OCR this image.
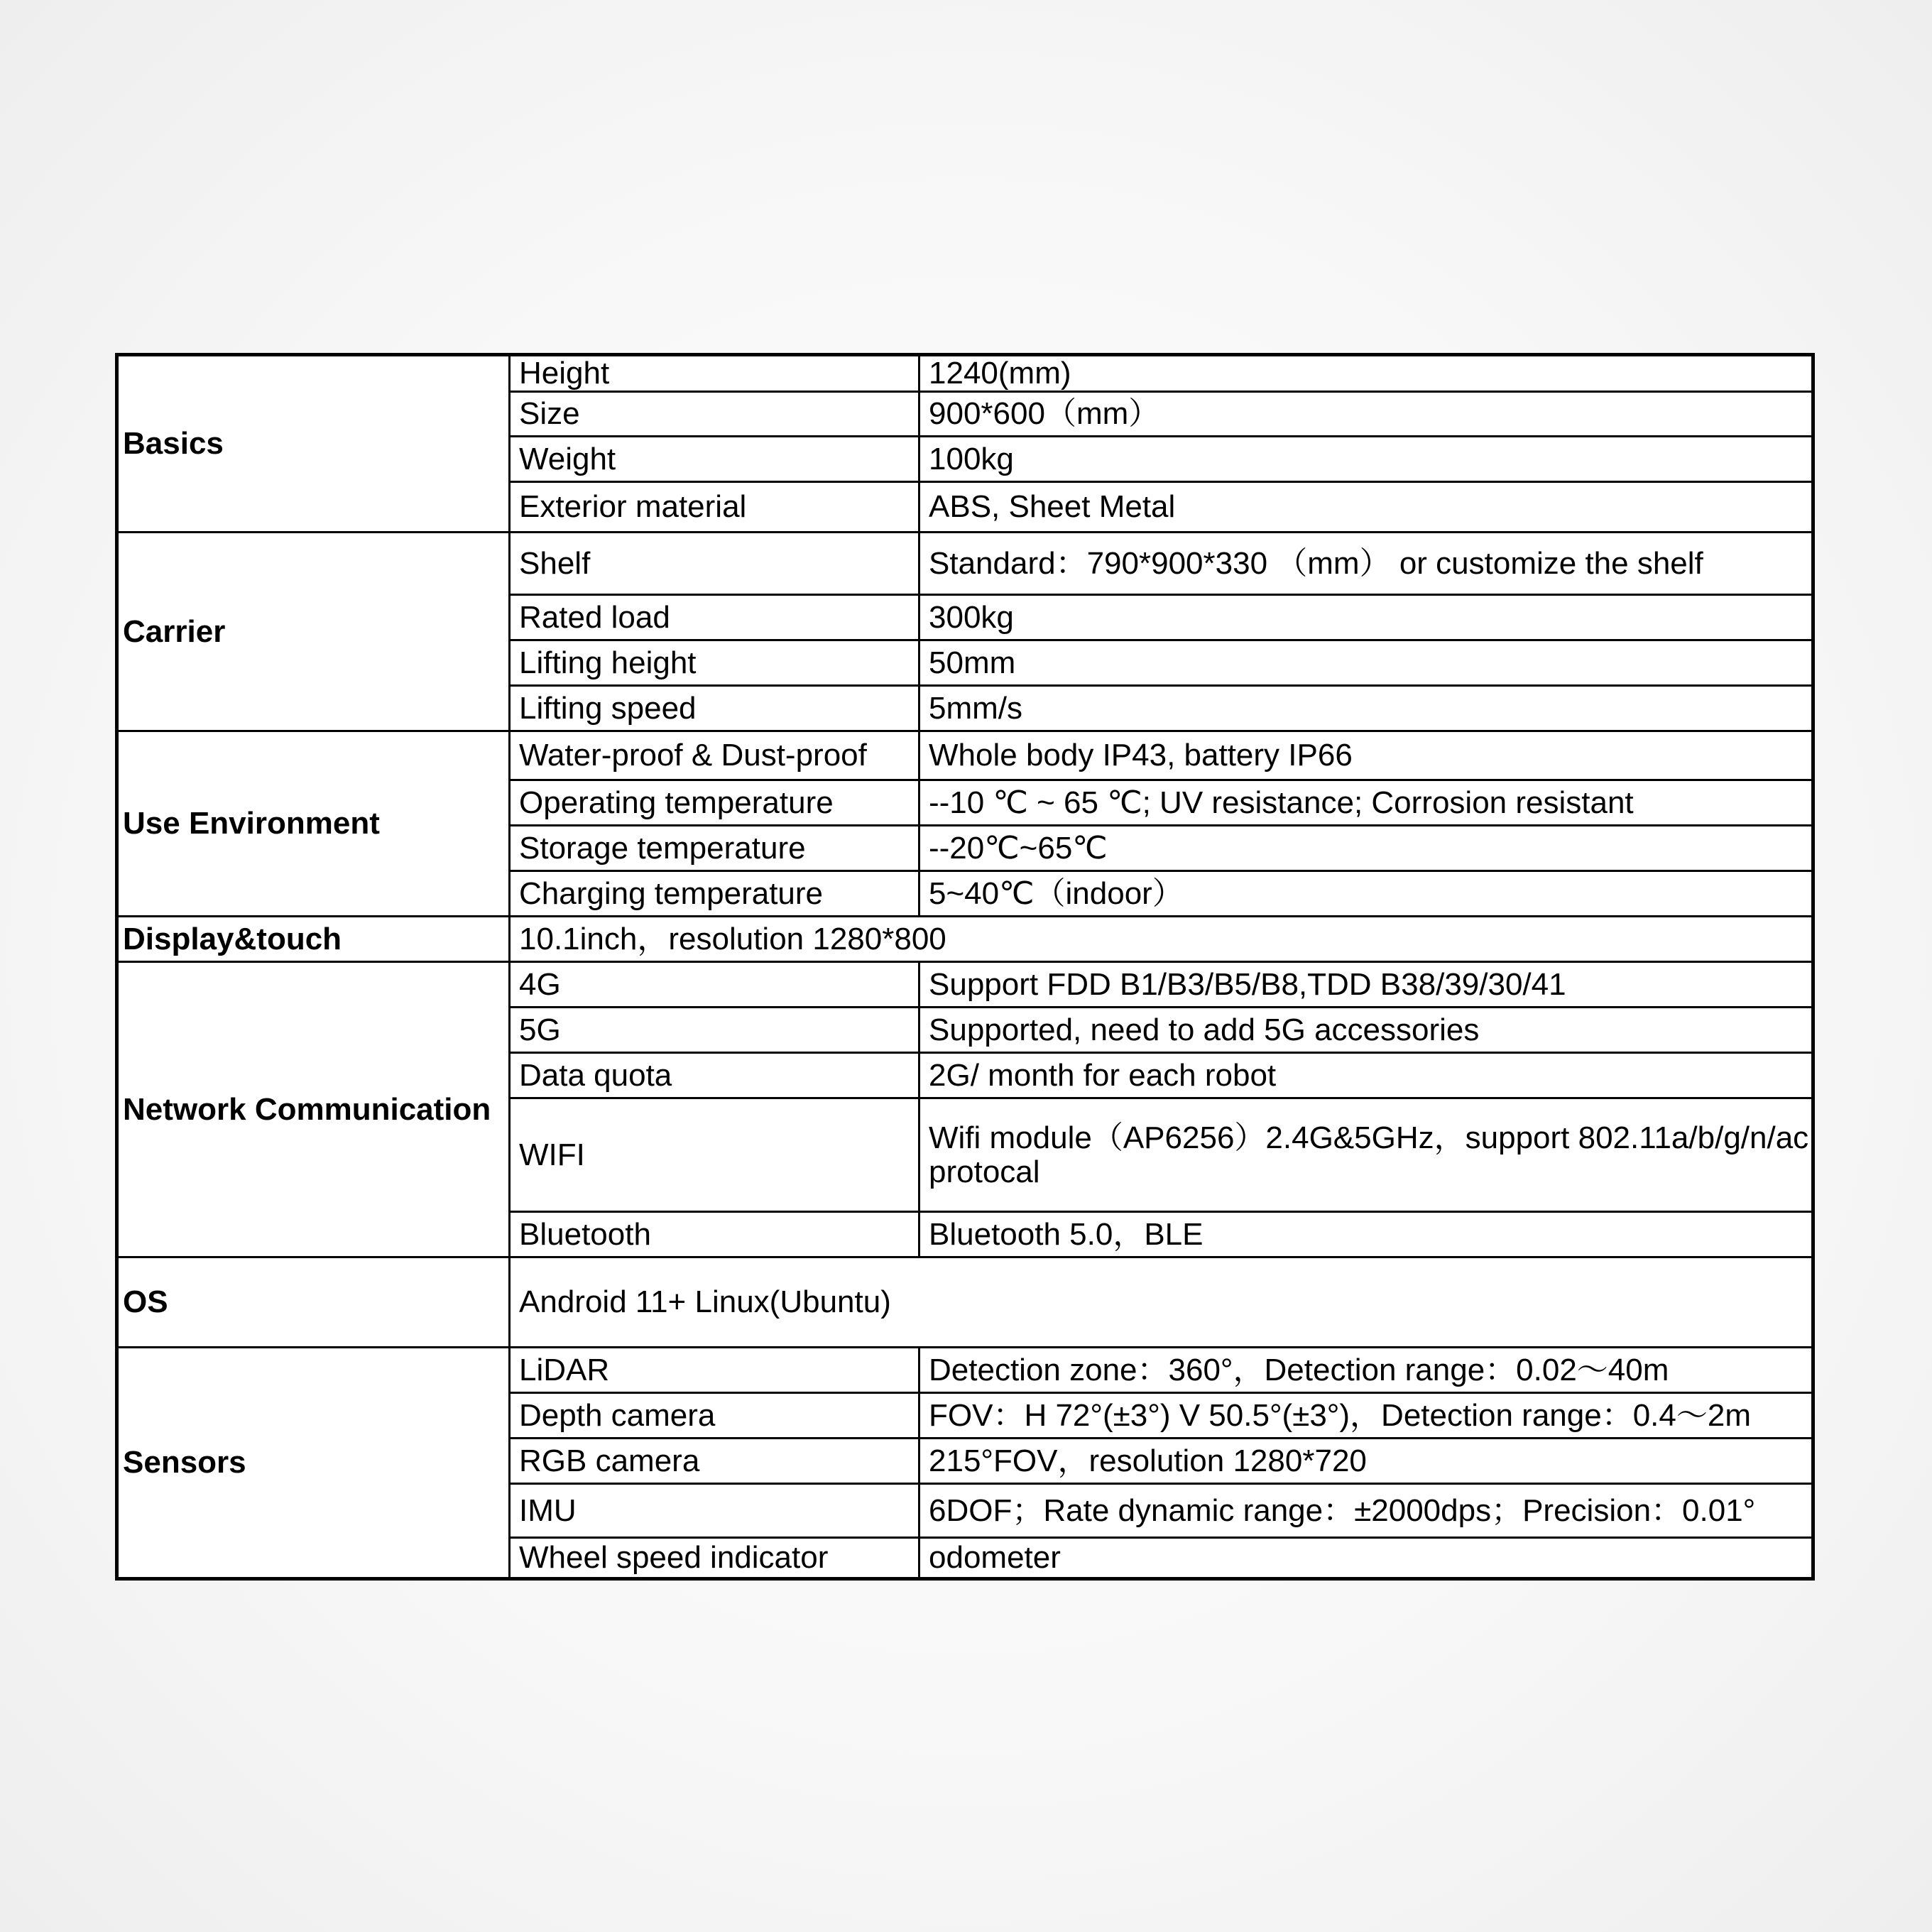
Basics	Height	1240(mm)
	Size	900*600（mm）
	Weight	100kg
	Exterior material	ABS, Sheet Metal
Carrier	Shelf	Standard：790*900*330 （mm） or customize the shelf
	Rated load	300kg
	Lifting height	50mm
	Lifting speed	5mm/s
Use Environment	Water-proof & Dust-proof	Whole body IP43, battery IP66
	Operating temperature	--10 ℃ ~ 65 ℃; UV resistance; Corrosion resistant
	Storage temperature	--20℃~65℃
	Charging temperature	5~40℃（indoor）
Display&touch	10.1inch，resolution 1280*800	
Network Communication	4G	Support FDD B1/B3/B5/B8,TDD B38/39/30/41
	5G	Supported, need to add 5G accessories
	Data quota	2G/ month for each robot
	WIFI	Wifi module（AP6256）2.4G&5GHz，support 802.11a/b/g/n/ac protocal
	Bluetooth	Bluetooth 5.0，BLE
OS	Android 11+ Linux(Ubuntu)	
Sensors	LiDAR	Detection zone：360°，Detection range：0.02～40m
	Depth camera	FOV：H 72°(±3°) V 50.5°(±3°)，Detection range：0.4～2m
	RGB camera	215°FOV，resolution 1280*720
	IMU	6DOF；Rate dynamic range：±2000dps；Precision：0.01°
	Wheel speed indicator	odometer
